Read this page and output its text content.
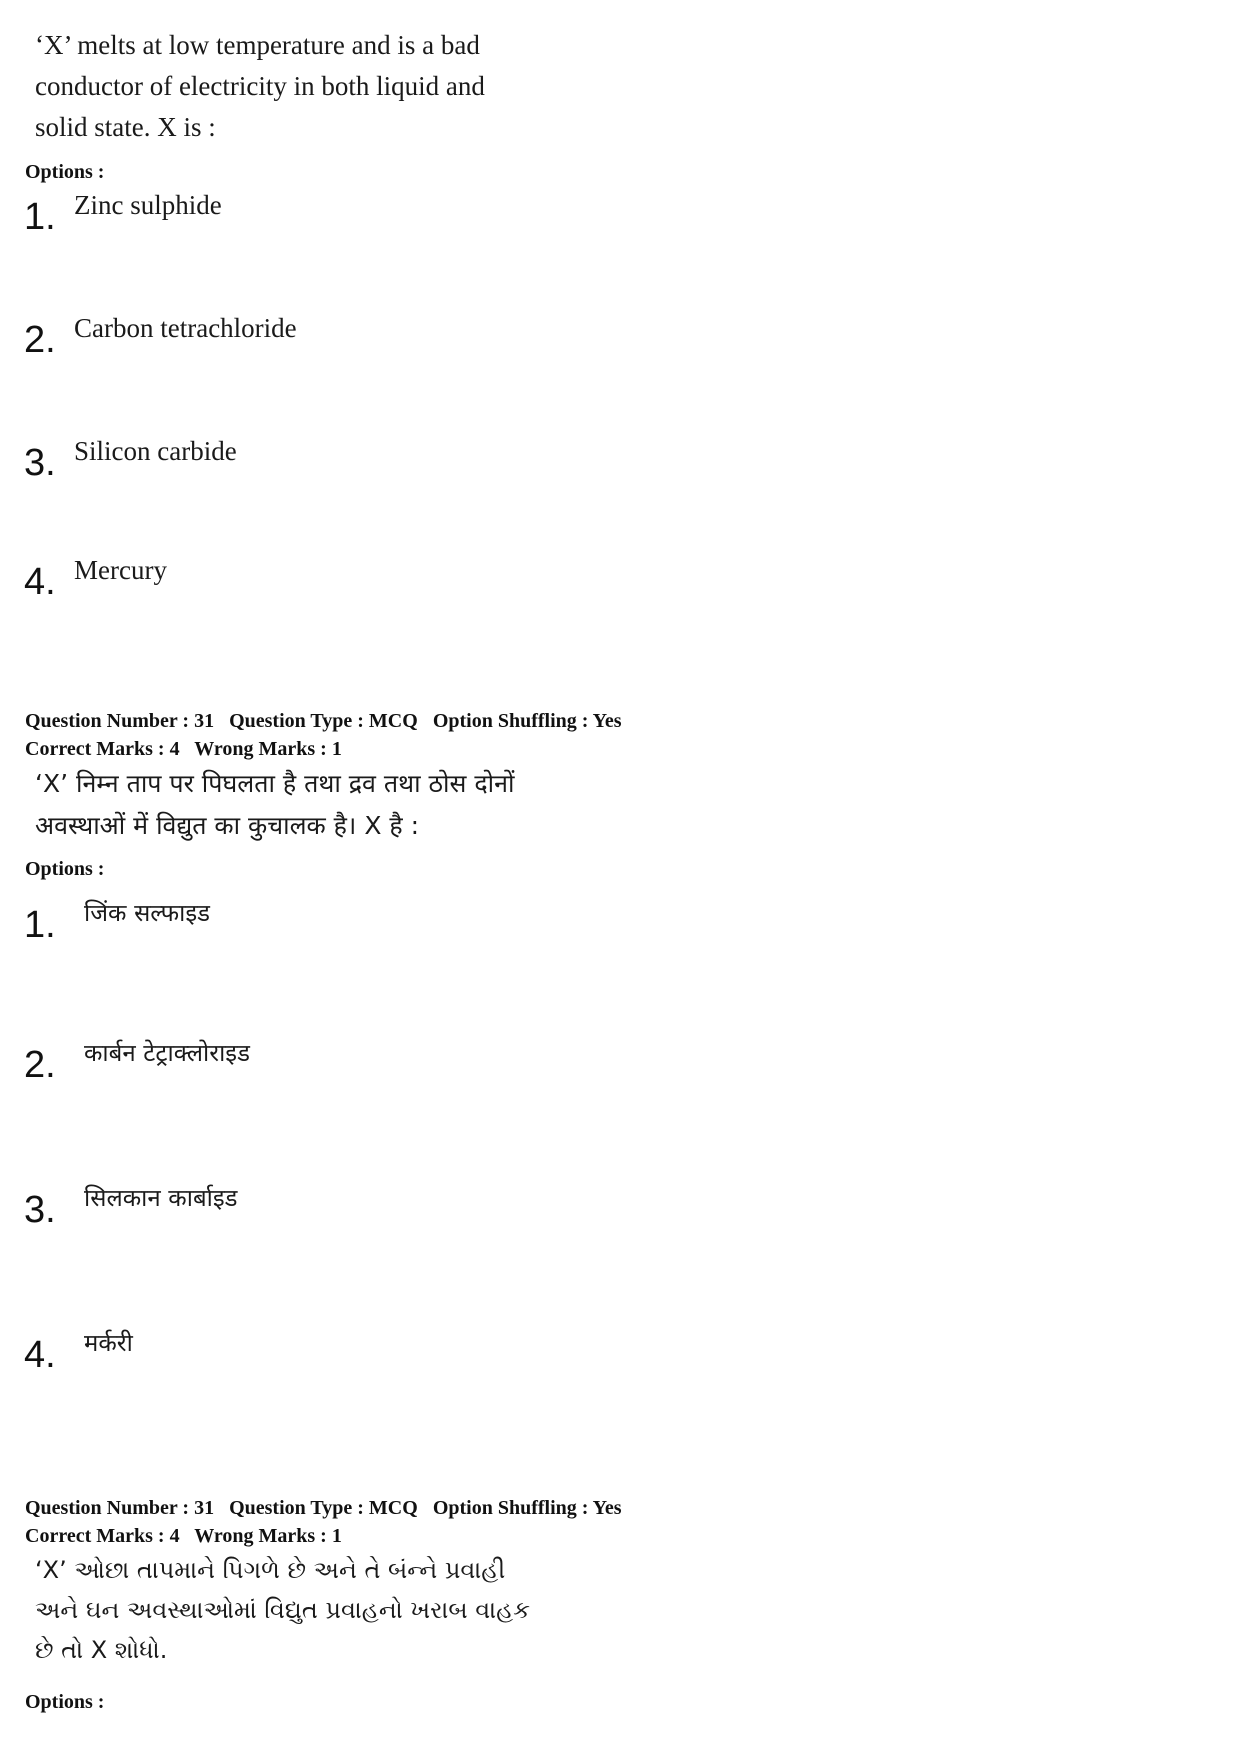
‘X’ melts at low temperature and is a bad
conductor of electricity in both liquid and
solid state. X is :
Options :
1. Zinc sulphide
2. Carbon tetrachloride
3. Silicon carbide
4. Mercury
Question Number : 31 Question Type : MCQ Option Shuffling : Yes
Correct Marks : 4 Wrong Marks : 1
‘X’ निम्न ताप पर पिघलता है तथा द्रव तथा ठोस दोनों
अवस्थाओं में विद्युत का कुचालक है। X है :
Options :
1.	जिंक सल्फाइड
2.	कार्बन टेट्राक्लोराइड
3.	सिलकान कार्बाइड
4.	मर्करी
Question Number : 31 Question Type : MCQ Option Shuffling : Yes
Correct Marks : 4 Wrong Marks : 1
‘X’ ઓછા તાપમાને પિગળે છે અને તે બંન્ને પ્રવાહી
અને ઘન અવસ્થાઓમાં વિદ્યુત પ્રવાહનો ખરાબ વાહક
છે તો X શોધો.
Options :
